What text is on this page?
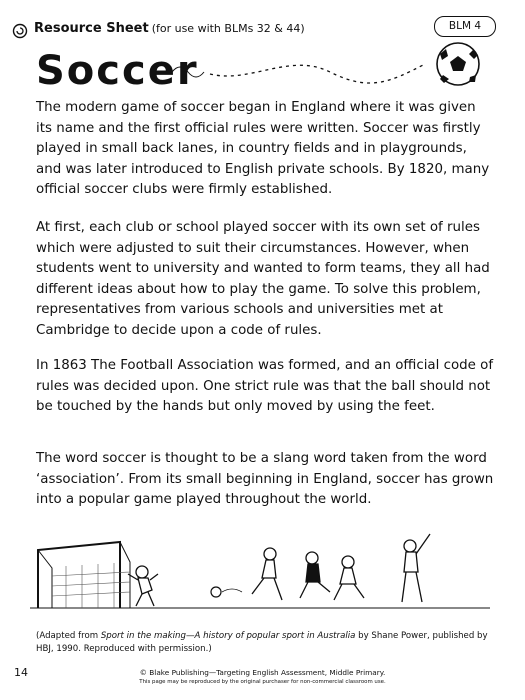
Resource Sheet (for use with BLMs 32 & 44)	BLM 4
Soccer

The modern game of soccer began in England where it was given its name and the first official rules were written. Soccer was firstly played in small back lanes, in country fields and in playgrounds, and was later introduced to English private schools. By 1820, many official soccer clubs were firmly established.

At first, each club or school played soccer with its own set of rules which were adjusted to suit their circumstances. However, when students went to university and wanted to form teams, they all had different ideas about how to play the game. To solve this problem, representatives from various schools and universities met at Cambridge to decide upon a code of rules.

In 1863 The Football Association was formed, and an official code of rules was decided upon. One strict rule was that the ball should not be touched by the hands but only moved by using the feet.

The word soccer is thought to be a slang word taken from the word ‘association’. From its small beginning in England, soccer has grown into a popular game played throughout the world.

(Adapted from Sport in the making—A history of popular sport in Australia by Shane Power, published by HBJ, 1990. Reproduced with permission.)
14	© Blake Publishing—Targeting English Assessment, Middle Primary.
This page may be reproduced by the original purchaser for non-commercial classroom use.
